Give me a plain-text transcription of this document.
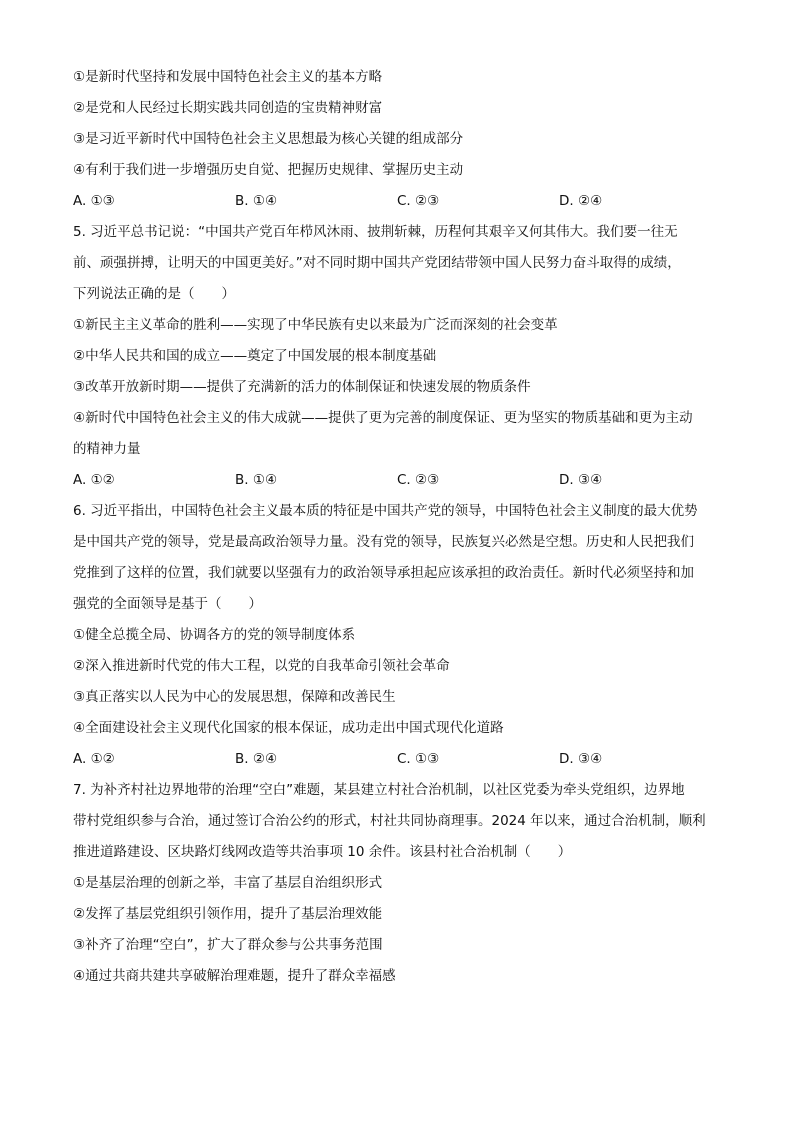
①是新时代坚持和发展中国特色社会主义的基本方略
②是党和人民经过长期实践共同创造的宝贵精神财富
③是习近平新时代中国特色社会主义思想最为核心关键的组成部分
④有利于我们进一步增强历史自觉、把握历史规律、掌握历史主动
A. ①③	B. ①④	C. ②③	D. ②④
5. 习近平总书记说：“中国共产党百年栉风沐雨、披荆斩棘，历程何其艰辛又何其伟大。我们要一往无
前、顽强拼搏，让明天的中国更美好。”对不同时期中国共产党团结带领中国人民努力奋斗取得的成绩，
下列说法正确的是（　　）
①新民主主义革命的胜利——实现了中华民族有史以来最为广泛而深刻的社会变革
②中华人民共和国的成立——奠定了中国发展的根本制度基础
③改革开放新时期——提供了充满新的活力的体制保证和快速发展的物质条件
④新时代中国特色社会主义的伟大成就——提供了更为完善的制度保证、更为坚实的物质基础和更为主动
的精神力量
A. ①②	B. ①④	C. ②③	D. ③④
6. 习近平指出，中国特色社会主义最本质的特征是中国共产党的领导，中国特色社会主义制度的最大优势
是中国共产党的领导，党是最高政治领导力量。没有党的领导，民族复兴必然是空想。历史和人民把我们
党推到了这样的位置，我们就要以坚强有力的政治领导承担起应该承担的政治责任。新时代必须坚持和加
强党的全面领导是基于（　　）
①健全总揽全局、协调各方的党的领导制度体系
②深入推进新时代党的伟大工程，以党的自我革命引领社会革命
③真正落实以人民为中心的发展思想，保障和改善民生
④全面建设社会主义现代化国家的根本保证，成功走出中国式现代化道路
A. ①②	B. ②④	C. ①③	D. ③④
7. 为补齐村社边界地带的治理“空白”难题，某县建立村社合治机制，以社区党委为牵头党组织，边界地
带村党组织参与合治，通过签订合治公约的形式，村社共同协商理事。2024 年以来，通过合治机制，顺利
推进道路建设、区块路灯线网改造等共治事项 10 余件。该县村社合治机制（　　）
①是基层治理的创新之举，丰富了基层自治组织形式
②发挥了基层党组织引领作用，提升了基层治理效能
③补齐了治理“空白”，扩大了群众参与公共事务范围
④通过共商共建共享破解治理难题，提升了群众幸福感
